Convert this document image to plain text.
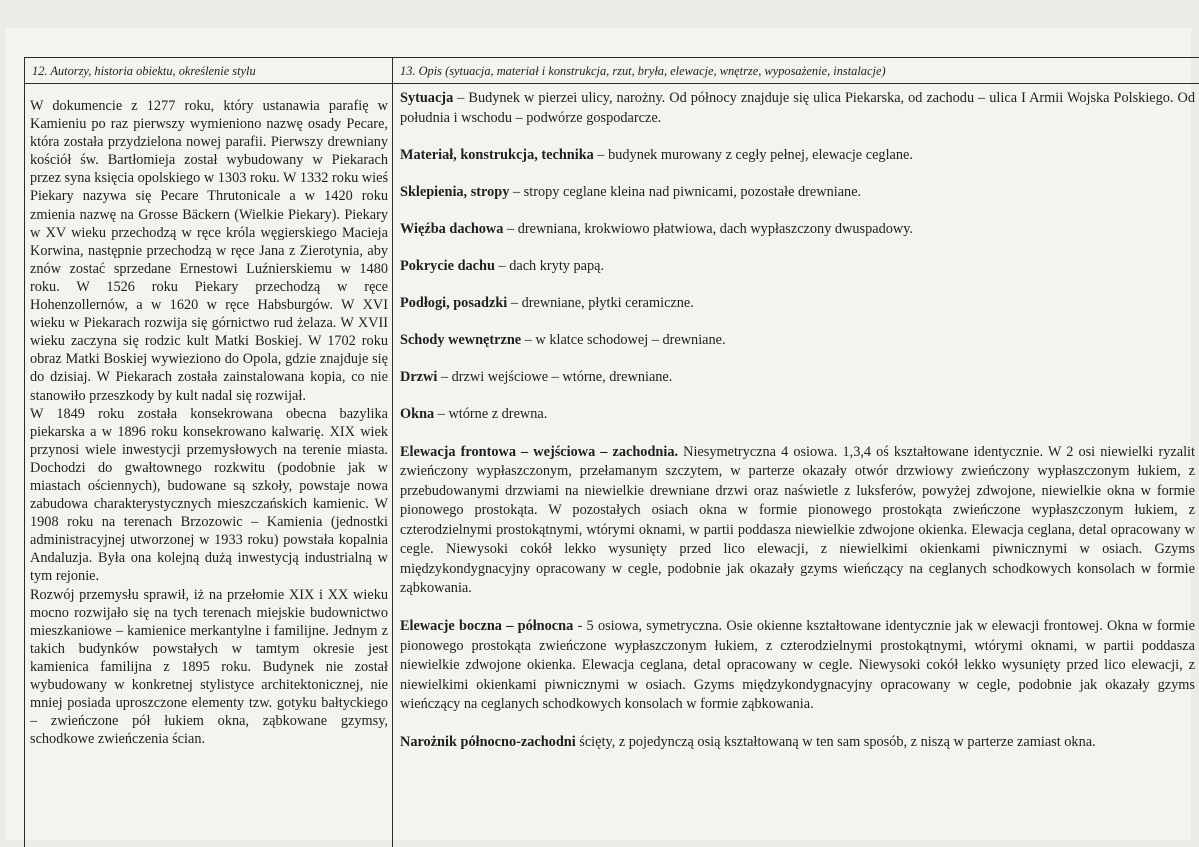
12. Autorzy, historia obiektu, określenie stylu	13. Opis (sytuacja, materiał i konstrukcja, rzut, bryła, elewacje, wnętrze, wyposażenie, instalacje)

W dokumencie z 1277 roku, który ustanawia parafię w Kamieniu po raz pierwszy wymieniono nazwę osady Pecare, która została przydzielona nowej parafii. Pierwszy drewniany kościół św. Bartłomieja został wybudowany w Piekarach przez syna księcia opolskiego w 1303 roku. W 1332 roku wieś Piekary nazywa się Pecare Thrutonicale a w 1420 roku zmienia nazwę na Grosse Bäckern (Wielkie Piekary). Piekary w XV wieku przechodzą w ręce króla węgierskiego Macieja Korwina, następnie przechodzą w ręce Jana z Zierotynia, aby znów zostać sprzedane Ernestowi Luźnierskiemu w 1480 roku. W 1526 roku Piekary przechodzą w ręce Hohenzollernów, a w 1620 w ręce Habsburgów. W XVI wieku w Piekarach rozwija się górnictwo rud żelaza. W XVII wieku zaczyna się rodzic kult Matki Boskiej. W 1702 roku obraz Matki Boskiej wywieziono do Opola, gdzie znajduje się do dzisiaj. W Piekarach została zainstalowana kopia, co nie stanowiło przeszkody by kult nadal się rozwijał.

W 1849 roku została konsekrowana obecna bazylika piekarska a w 1896 roku konsekrowano kalwarię. XIX wiek przynosi wiele inwestycji przemysłowych na terenie miasta. Dochodzi do gwałtownego rozkwitu (podobnie jak w miastach ościennych), budowane są szkoły, powstaje nowa zabudowa charakterystycznych mieszczańskich kamienic. W 1908 roku na terenach Brzozowic – Kamienia (jednostki administracyjnej utworzonej w 1933 roku) powstała kopalnia Andaluzja. Była ona kolejną dużą inwestycją industrialną w tym rejonie.

Rozwój przemysłu sprawił, iż na przełomie XIX i XX wieku mocno rozwijało się na tych terenach miejskie budownictwo mieszkaniowe – kamienice merkantylne i familijne. Jednym z takich budynków powstałych w tamtym okresie jest kamienica familijna z 1895 roku. Budynek nie został wybudowany w konkretnej stylistyce architektonicznej, nie mniej posiada uproszczone elementy tzw. gotyku bałtyckiego – zwieńczone pół łukiem okna, ząbkowane gzymsy, schodkowe zwieńczenia ścian.

Sytuacja – Budynek w pierzei ulicy, narożny. Od północy znajduje się ulica Piekarska, od zachodu – ulica I Armii Wojska Polskiego. Od południa i wschodu – podwórze gospodarcze.

Materiał, konstrukcja, technika – budynek murowany z cegły pełnej, elewacje ceglane.

Sklepienia, stropy – stropy ceglane kleina nad piwnicami, pozostałe drewniane.

Więźba dachowa – drewniana, krokwiowo płatwiowa, dach wypłaszczony dwuspadowy.

Pokrycie dachu – dach kryty papą.

Podłogi, posadzki – drewniane, płytki ceramiczne.

Schody wewnętrzne – w klatce schodowej – drewniane.

Drzwi – drzwi wejściowe – wtórne, drewniane.

Okna – wtórne z drewna.

Elewacja frontowa – wejściowa – zachodnia. Niesymetryczna 4 osiowa. 1,3,4 oś kształtowane identycznie. W 2 osi niewielki ryzalit zwieńczony wypłaszczonym, przełamanym szczytem, w parterze okazały otwór drzwiowy zwieńczony wypłaszczonym łukiem, z przebudowanymi drzwiami na niewielkie drewniane drzwi oraz naświetle z luksferów, powyżej zdwojone, niewielkie okna w formie pionowego prostokąta. W pozostałych osiach okna w formie pionowego prostokąta zwieńczone wypłaszczonym łukiem, z czterodzielnymi prostokątnymi, wtórymi oknami, w partii poddasza niewielkie zdwojone okienka. Elewacja ceglana, detal opracowany w cegle. Niewysoki cokół lekko wysunięty przed lico elewacji, z niewielkimi okienkami piwnicznymi w osiach. Gzyms międzykondygnacyjny opracowany w cegle, podobnie jak okazały gzyms wieńczący na ceglanych schodkowych konsolach w formie ząbkowania.

Elewacje boczna – północna - 5 osiowa, symetryczna. Osie okienne kształtowane identycznie jak w elewacji frontowej. Okna w formie pionowego prostokąta zwieńczone wypłaszczonym łukiem, z czterodzielnymi prostokątnymi, wtórymi oknami, w partii poddasza niewielkie zdwojone okienka. Elewacja ceglana, detal opracowany w cegle. Niewysoki cokół lekko wysunięty przed lico elewacji, z niewielkimi okienkami piwnicznymi w osiach. Gzyms międzykondygnacyjny opracowany w cegle, podobnie jak okazały gzyms wieńczący na ceglanych schodkowych konsolach w formie ząbkowania.

Narożnik północno-zachodni ścięty, z pojedynczą osią kształtowaną w ten sam sposób, z niszą w parterze zamiast okna.
